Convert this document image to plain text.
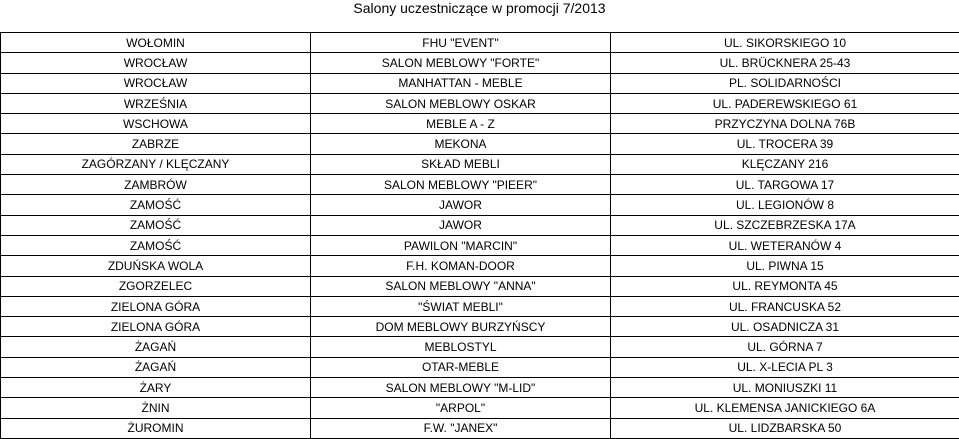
Salony uczestniczące w promocji 7/2013
WOŁOMIN	FHU "EVENT"	UL. SIKORSKIEGO 10
WROCŁAW	SALON MEBLOWY "FORTE"	UL. BRÜCKNERA 25-43
WROCŁAW	MANHATTAN - MEBLE	PL. SOLIDARNOŚCI
WRZEŚNIA	SALON MEBLOWY OSKAR	UL. PADEREWSKIEGO 61
WSCHOWA	MEBLE A - Z	PRZYCZYNA DOLNA 76B
ZABRZE	MEKONA	UL. TROCERA 39
ZAGÓRZANY / KLĘCZANY	SKŁAD MEBLI	KLĘCZANY 216
ZAMBRÓW	SALON MEBLOWY "PIEER"	UL. TARGOWA 17
ZAMOŚĆ	JAWOR	UL. LEGIONÓW 8
ZAMOŚĆ	JAWOR	UL. SZCZEBRZESKA 17A
ZAMOŚĆ	PAWILON "MARCIN"	UL. WETERANÓW 4
ZDUŃSKA WOLA	F.H. KOMAN-DOOR	UL. PIWNA 15
ZGORZELEC	SALON MEBLOWY "ANNA"	UL. REYMONTA 45
ZIELONA GÓRA	"ŚWIAT MEBLI"	UL. FRANCUSKA 52
ZIELONA GÓRA	DOM MEBLOWY BURZYŃSCY	UL. OSADNICZA 31
ŻAGAŃ	MEBLOSTYL	UL. GÓRNA 7
ŻAGAŃ	OTAR-MEBLE	UL. X-LECIA PL 3
ŻARY	SALON MEBLOWY "M-LID"	UL. MONIUSZKI 11
ŻNIN	"ARPOL"	UL. KLEMENSA JANICKIEGO 6A
ŻUROMIN	F.W. "JANEX"	UL. LIDZBARSKA 50
